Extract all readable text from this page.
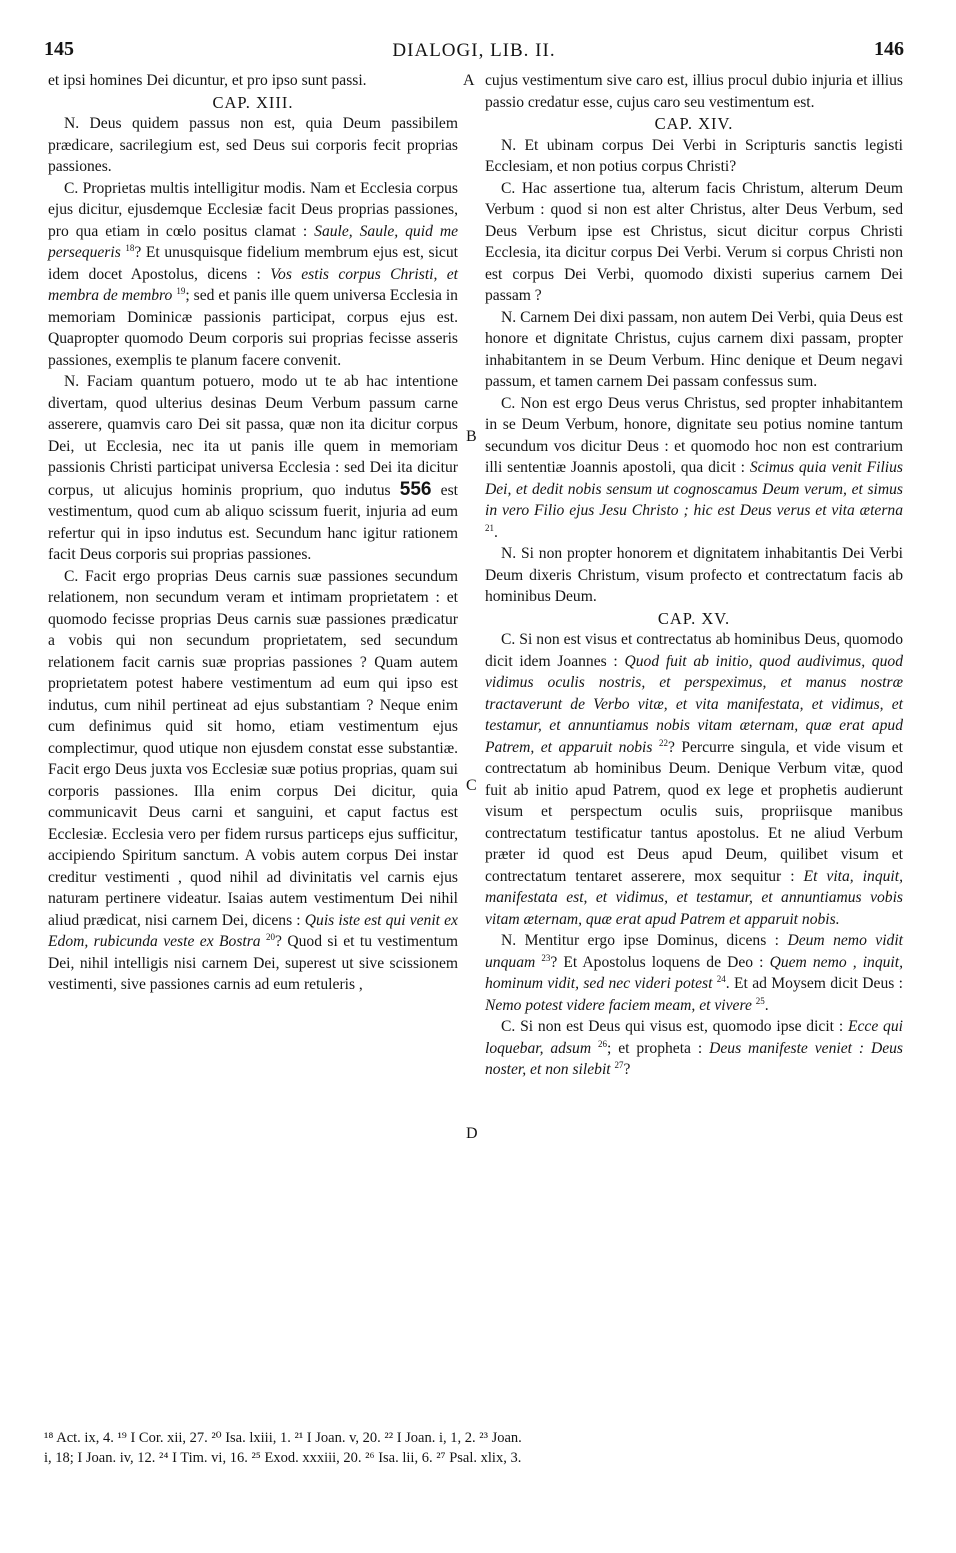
145	DIALOGI, LIB. II.	146
A
B
C
D

et ipsi homines Dei dicuntur, et pro ipso sunt passi.

CAP. XIII.

N. Deus quidem passus non est, quia Deum passibilem prædicare, sacrilegium est, sed Deus sui corporis fecit proprias passiones.

C. Proprietas multis intelligitur modis. Nam et Ecclesia corpus ejus dicitur, ejusdemque Ecclesiæ facit Deus proprias passiones, pro qua etiam in cœlo positus clamat : Saule, Saule, quid me persequeris $^{18}$? Et unusquisque fidelium membrum ejus est, sicut idem docet Apostolus, dicens : Vos estis corpus Christi, et membra de membro $^{19}$; sed et panis ille quem universa Ecclesia in memoriam Dominicæ passionis participat, corpus ejus est. Quapropter quomodo Deum corporis sui proprias fecisse asseris passiones, exemplis te planum facere convenit.

N. Faciam quantum potuero, modo ut te ab hac intentione divertam, quod ulterius desinas Deum Verbum passum carne asserere, quamvis caro Dei sit passa, quæ non ita dicitur corpus Dei, ut Ecclesia, nec ita ut panis ille quem in memoriam passionis Christi participat universa Ecclesia : sed Dei ita dicitur corpus, ut alicujus hominis proprium, quo indutus 556 est vestimentum, quod cum ab aliquo scissum fuerit, injuria ad eum refertur qui in ipso indutus est. Secundum hanc igitur rationem facit Deus corporis sui proprias passiones.

C. Facit ergo proprias Deus carnis suæ passiones secundum relationem, non secundum veram et intimam proprietatem : et quomodo fecisse proprias Deus carnis suæ passiones prædicatur a vobis qui non secundum proprietatem, sed secundum relationem facit carnis suæ proprias passiones ? Quam autem proprietatem potest habere vestimentum ad eum qui ipso est indutus, cum nihil pertineat ad ejus substantiam ? Neque enim cum definimus quid sit homo, etiam vestimentum ejus complectimur, quod utique non ejusdem constat esse substantiæ. Facit ergo Deus juxta vos Ecclesiæ suæ potius proprias, quam sui corporis passiones. Illa enim corpus Dei dicitur, quia communicavit Deus carni et sanguini, et caput factus est Ecclesiæ. Ecclesia vero per fidem rursus particeps ejus sufficitur, accipiendo Spiritum sanctum. A vobis autem corpus Dei instar creditur vestimenti , quod nihil ad divinitatis vel carnis ejus naturam pertinere videatur. Isaias autem vestimentum Dei nihil aliud prædicat, nisi carnem Dei, dicens : Quis iste est qui venit ex Edom, rubicunda veste ex Bostra $^{20}$? Quod si et tu vestimentum Dei, nihil intelligis nisi carnem Dei, superest ut sive scissionem vestimenti, sive passiones carnis ad eum retuleris ,

cujus vestimentum sive caro est, illius procul dubio injuria et illius passio credatur esse, cujus caro seu vestimentum est.

CAP. XIV.

N. Et ubinam corpus Dei Verbi in Scripturis sanctis legisti Ecclesiam, et non potius corpus Christi?

C. Hac assertione tua, alterum facis Christum, alterum Deum Verbum : quod si non est alter Christus, alter Deus Verbum, sed Deus Verbum ipse est Christus, sicut dicitur corpus Christi Ecclesia, ita dicitur corpus Dei Verbi. Verum si corpus Christi non est corpus Dei Verbi, quomodo dixisti superius carnem Dei passam ?

N. Carnem Dei dixi passam, non autem Dei Verbi, quia Deus est honore et dignitate Christus, cujus carnem dixi passam, propter inhabitantem in se Deum Verbum. Hinc denique et Deum negavi passum, et tamen carnem Dei passam confessus sum.

C. Non est ergo Deus verus Christus, sed propter inhabitantem in se Deum Verbum, honore, dignitate seu potius nomine tantum secundum vos dicitur Deus : et quomodo hoc non est contrarium illi sententiæ Joannis apostoli, qua dicit : Scimus quia venit Filius Dei, et dedit nobis sensum ut cognoscamus Deum verum, et simus in vero Filio ejus Jesu Christo ; hic est Deus verus et vita æterna $^{21}$.

N. Si non propter honorem et dignitatem inhabitantis Dei Verbi Deum dixeris Christum, visum profecto et contrectatum facis ab hominibus Deum.

CAP. XV.

C. Si non est visus et contrectatus ab hominibus Deus, quomodo dicit idem Joannes : Quod fuit ab initio, quod audivimus, quod vidimus oculis nostris, et perspeximus, et manus nostræ tractaverunt de Verbo vitæ, et vita manifestata, et vidimus, et testamur, et annuntiamus nobis vitam æternam, quæ erat apud Patrem, et apparuit nobis $^{22}$? Percurre singula, et vide visum et contrectatum ab hominibus Deum. Denique Verbum vitæ, quod fuit ab initio apud Patrem, quod ex lege et prophetis audierunt visum et perspectum oculis suis, propriisque manibus contrectatum testificatur tantus apostolus. Et ne aliud Verbum præter id quod est Deus apud Deum, quilibet visum et contrectatum tentaret asserere, mox sequitur : Et vita, inquit, manifestata est, et vidimus, et testamur, et annuntiamus vobis vitam æternam, quæ erat apud Patrem et apparuit nobis.

N. Mentitur ergo ipse Dominus, dicens : Deum nemo vidit unquam $^{23}$? Et Apostolus loquens de Deo : Quem nemo , inquit, hominum vidit, sed nec videri potest $^{24}$. Et ad Moysem dicit Deus : Nemo potest videre faciem meam, et vivere $^{25}$.

C. Si non est Deus qui visus est, quomodo ipse dicit : Ecce qui loquebar, adsum $^{26}$; et propheta : Deus manifeste veniet : Deus noster, et non silebit $^{27}$?

¹⁸ Act. ix, 4. ¹⁹ I Cor. xii, 27. ²⁰ Isa. lxiii, 1. ²¹ I Joan. v, 20. ²² I Joan. i, 1, 2. ²³ Joan.
i, 18; I Joan. iv, 12. ²⁴ I Tim. vi, 16. ²⁵ Exod. xxxiii, 20. ²⁶ Isa. lii, 6. ²⁷ Psal. xlix, 3.
